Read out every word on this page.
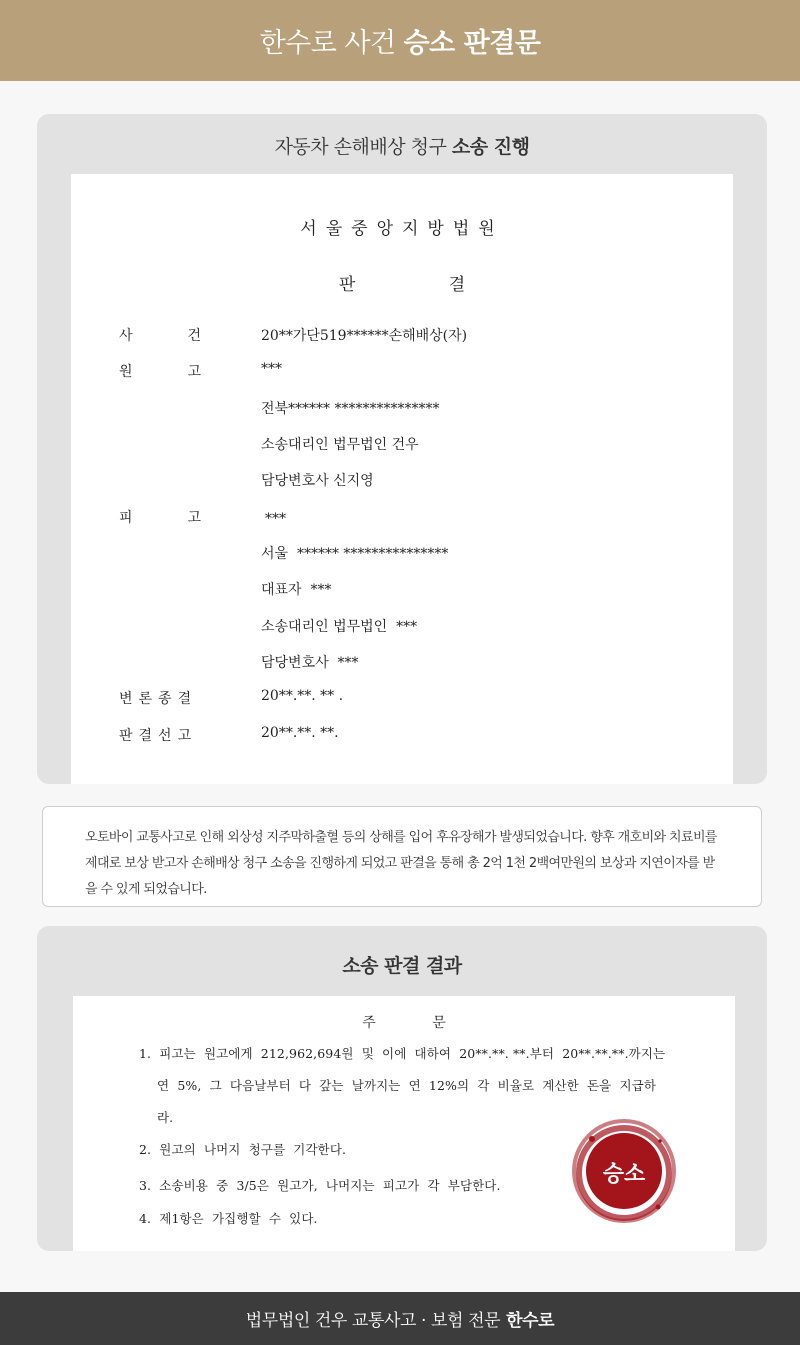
한수로 사건 승소 판결문
자동차 손해배상 청구 소송 진행
서울중앙지방법원
판	결
사	건	20**가단519******손해배상(자)
원	고	***
전북****** ***************
소송대리인 법무법인 건우
담당변호사 신지영
피	고	***
서울  ****** ***************
대표자  ***
소송대리인 법무법인  ***
담당변호사  ***
변론종결	20**.**. ** .
판결선고	20**.**. **.
오토바이 교통사고로 인해 외상성 지주막하출혈 등의 상해를 입어 후유장해가 발생되었습니다. 향후 개호비와 치료비를 제대로 보상 받고자 손해배상 청구 소송을 진행하게 되었고 판결을 통해 총 2억 1천 2백여만원의 보상과 지연이자를 받을 수 있게 되었습니다.
소송 판결 결과
주	문
1.  피고는  원고에게  212,962,694원  및  이에  대하여  20**.**. **.부터  20**.**.**.까지는
연  5%,  그  다음날부터  다  갚는  날까지는  연  12%의  각  비율로  계산한  돈을  지급하
라.
2.  원고의  나머지  청구를  기각한다.
3.  소송비용  중  3/5은  원고가,  나머지는  피고가  각  부담한다.
4.  제1항은  가집행할  수  있다.
승소
법무법인 건우 교통사고 · 보험 전문 한수로
